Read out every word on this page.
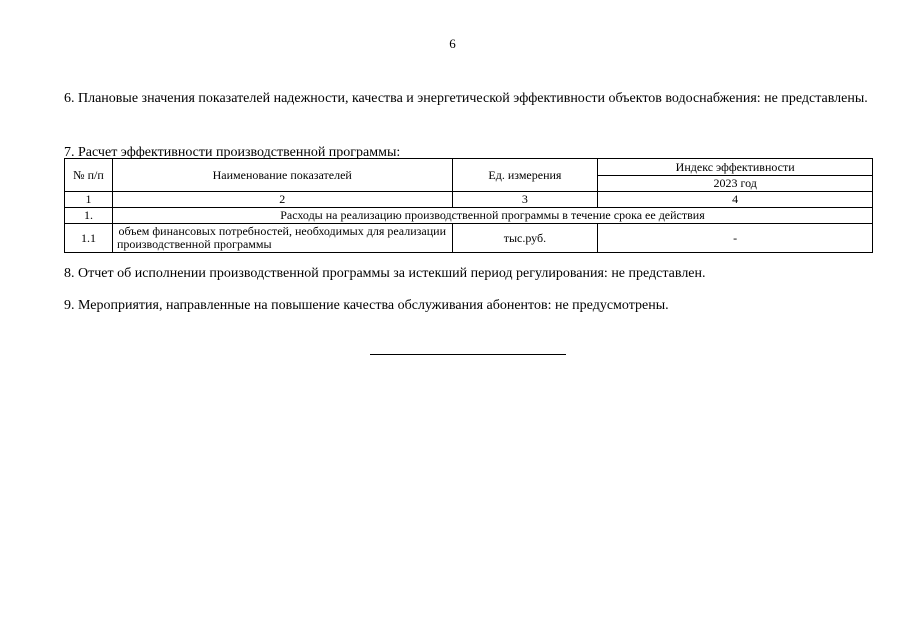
6
6. Плановые значения показателей надежности, качества и энергетической эффективности объектов водоснабжения: не представлены.
7. Расчет эффективности производственной программы:
№ п/п	Наименование показателей	Ед. измерения	Индекс эффективности
			2023 год
1	2	3	4
1.	Расходы на реализацию производственной программы в течение срока ее действия		
1.1	объем финансовых потребностей, необходимых для реализации производственной программы	тыс.руб.	-
8. Отчет об исполнении производственной программы за истекший период регулирования: не представлен.
9. Мероприятия, направленные на повышение качества обслуживания абонентов: не предусмотрены.
